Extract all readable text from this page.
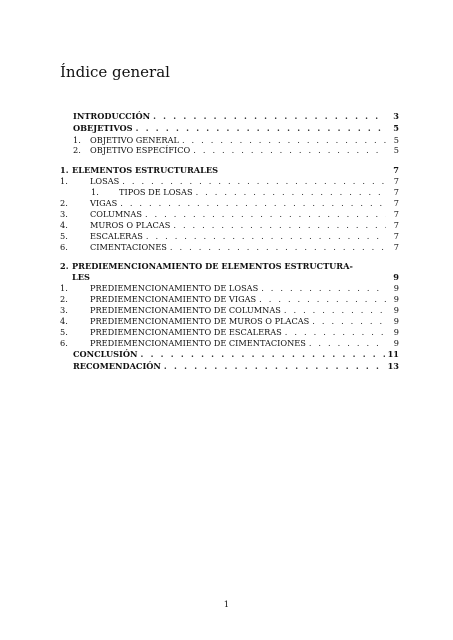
Índice general
INTRODUCCIÓN . . .	3
OBEJETIVOS . . .	5
1.	OBJETIVO GENERAL . . .	5
2.	OBJETIVO ESPECÍFICO . . .	5
1. ELEMENTOS ESTRUCTURALES	7
1.	LOSAS . . .	7
1.	TIPOS DE LOSAS . . .	7
2.	VIGAS . . .	7
3.	COLUMNAS . . .	7
4.	MUROS O PLACAS . . .	7
5.	ESCALERAS . . .	7
6.	CIMENTACIONES . . .	7
2. PREDIEMENCIONAMIENTO DE ELEMENTOS ESTRUCTURA-
LES	9
1.	PREDIEMENCIONAMIENTO DE LOSAS . . .	9
2.	PREDIEMENCIONAMIENTO DE VIGAS . . .	9
3.	PREDIEMENCIONAMIENTO DE COLUMNAS . . .	9
4.	PREDIEMENCIONAMIENTO DE MUROS O PLACAS . . .	9
5.	PREDIEMENCIONAMIENTO DE ESCALERAS . . .	9
6.	PREDIEMENCIONAMIENTO DE CIMENTACIONES . . .	9
CONCLUSIÓN . . .	11
RECOMENDACIÓN . . .	13
1
